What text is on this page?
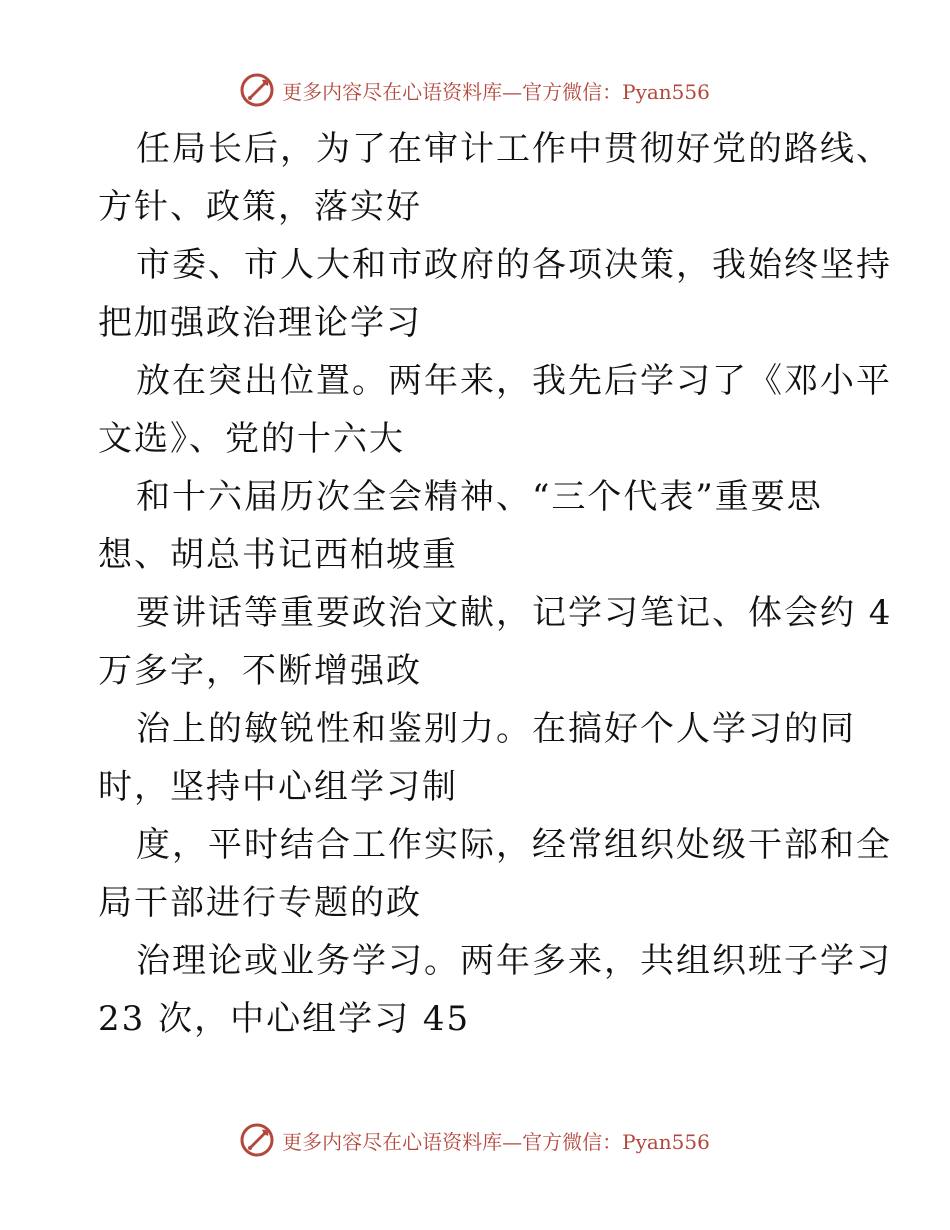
更多内容尽在心语资料库—官方微信：Pyan556
任局长后，为了在审计工作中贯彻好党的路线、
方针、政策，落实好
市委、市人大和市政府的各项决策，我始终坚持
把加强政治理论学习
放在突出位置。两年来，我先后学习了《邓小平
文选》、党的十六大
和十六届历次全会精神、“三个代表”重要思
想、胡总书记西柏坡重
要讲话等重要政治文献，记学习笔记、体会约 4
万多字，不断增强政
治上的敏锐性和鉴别力。在搞好个人学习的同
时，坚持中心组学习制
度，平时结合工作实际，经常组织处级干部和全
局干部进行专题的政
治理论或业务学习。两年多来，共组织班子学习
23 次，中心组学习 45
更多内容尽在心语资料库—官方微信：Pyan556
